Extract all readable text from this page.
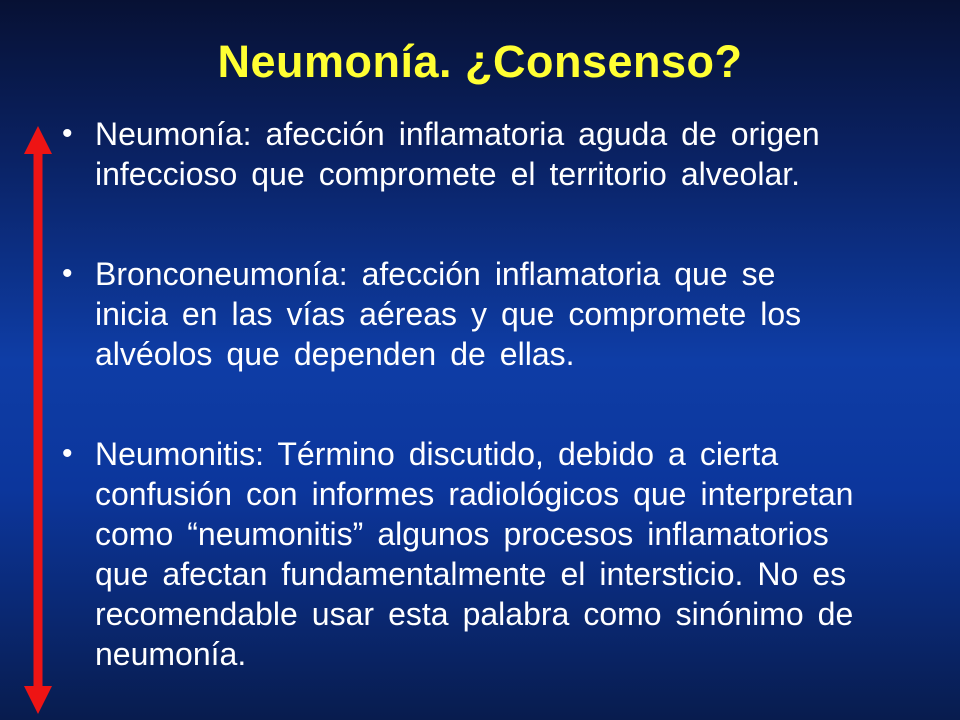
Neumonía. ¿Consenso?
• Neumonía: afección inflamatoria aguda de origen
infeccioso que compromete el territorio alveolar.
• Bronconeumonía: afección inflamatoria que se
inicia en las vías aéreas y que compromete los
alvéolos que dependen de ellas.
• Neumonitis: Término discutido, debido a cierta
confusión con informes radiológicos que interpretan
como “neumonitis” algunos procesos inflamatorios
que afectan fundamentalmente el intersticio. No es
recomendable usar esta palabra como sinónimo de
neumonía.
